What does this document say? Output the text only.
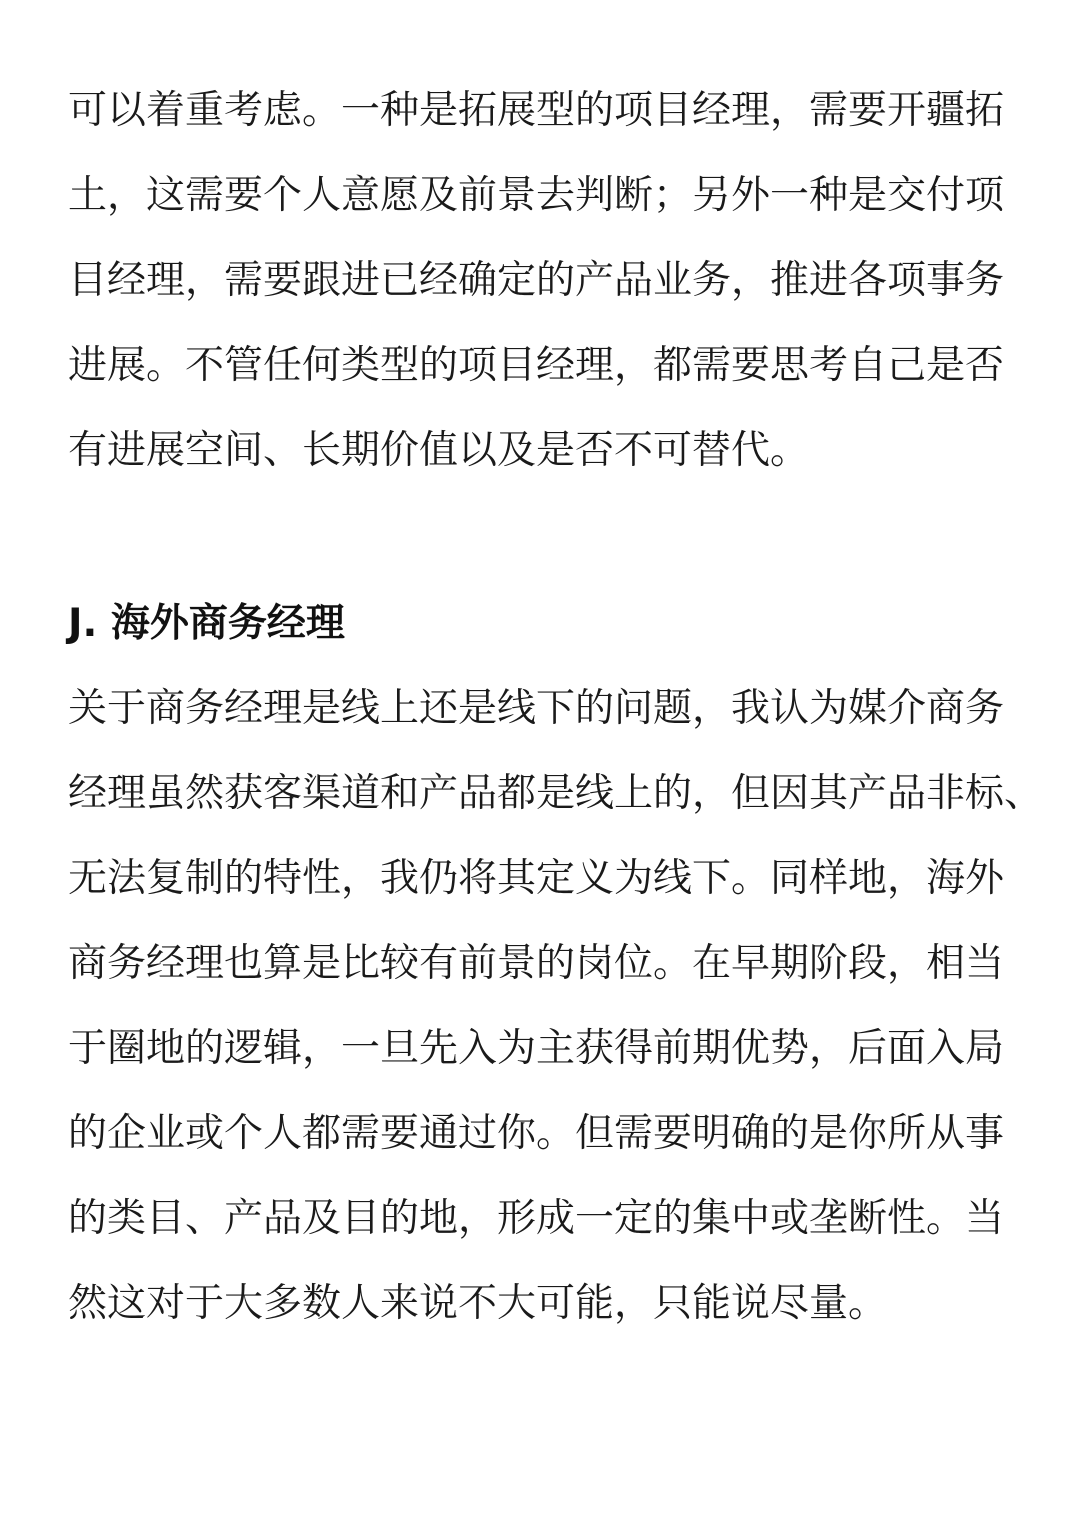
可以着重考虑。一种是拓展型的项目经理，需要开疆拓
土，这需要个人意愿及前景去判断；另外一种是交付项
目经理，需要跟进已经确定的产品业务，推进各项事务
进展。不管任何类型的项目经理，都需要思考自己是否
有进展空间、长期价值以及是否不可替代。

J. 海外商务经理

关于商务经理是线上还是线下的问题，我认为媒介商务
经理虽然获客渠道和产品都是线上的，但因其产品非标、
无法复制的特性，我仍将其定义为线下。同样地，海外
商务经理也算是比较有前景的岗位。在早期阶段，相当
于圈地的逻辑，一旦先入为主获得前期优势，后面入局
的企业或个人都需要通过你。但需要明确的是你所从事
的类目、产品及目的地，形成一定的集中或垄断性。当
然这对于大多数人来说不大可能，只能说尽量。
